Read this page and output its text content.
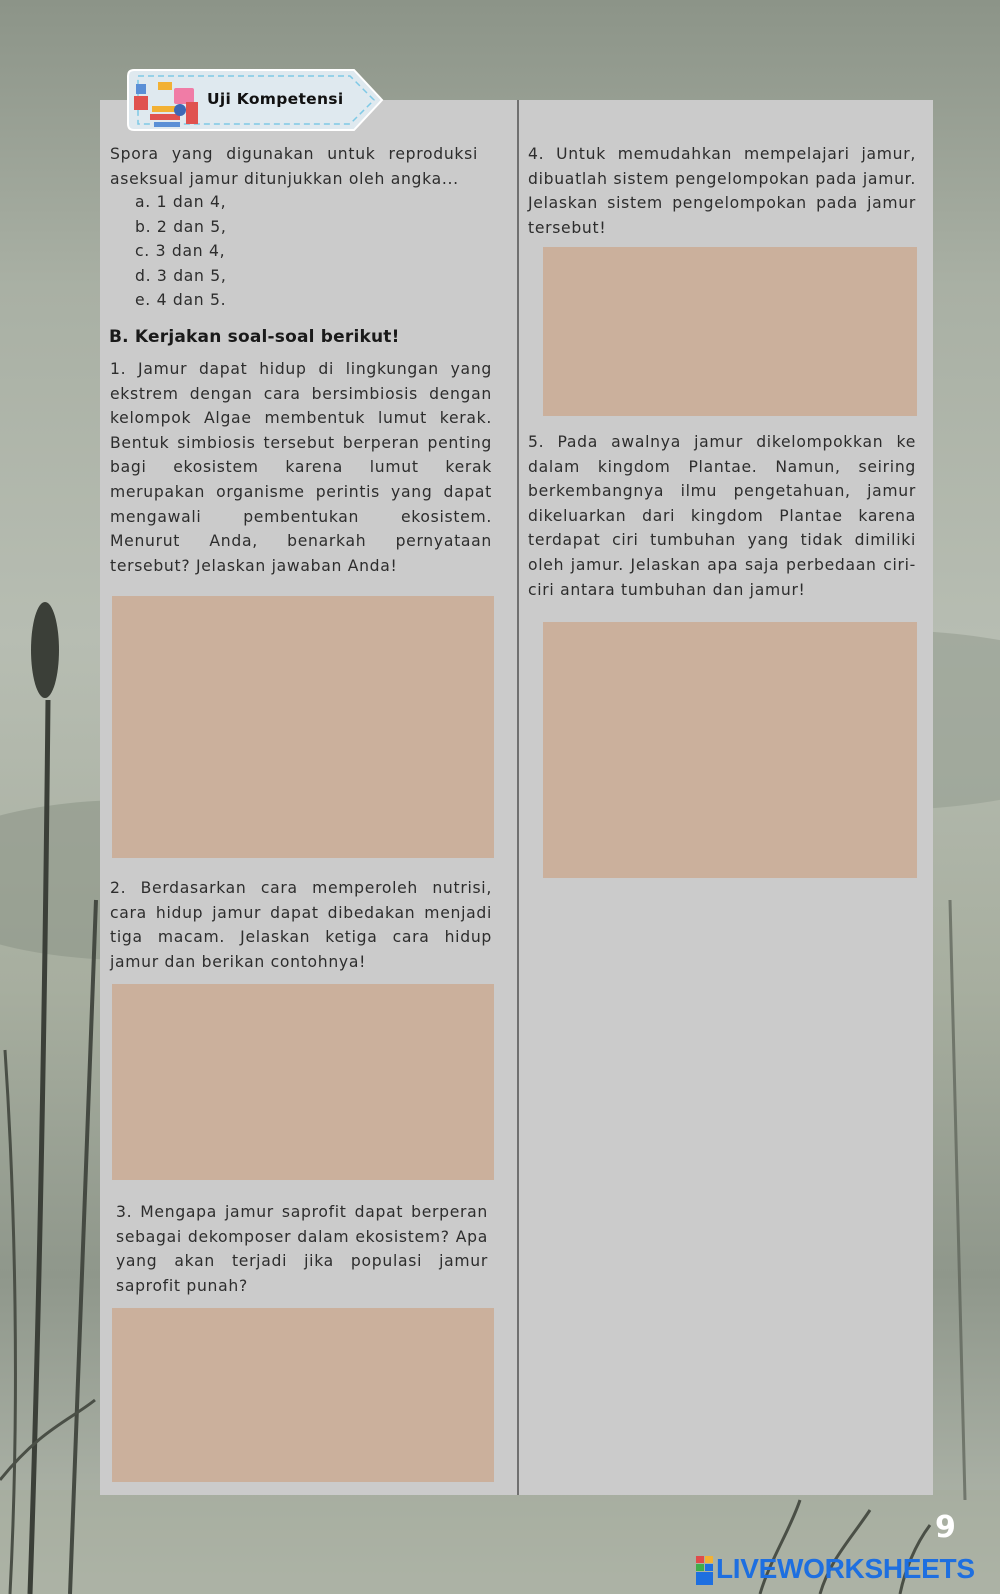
Uji Kompetensi
Spora yang digunakan untuk reproduksi aseksual jamur ditunjukkan oleh angka...
a. 1 dan 4,
b. 2 dan 5,
c. 3 dan 4,
d. 3 dan 5,
e. 4 dan 5.
B. Kerjakan soal-soal berikut!
1. Jamur dapat hidup di lingkungan yang ekstrem dengan cara bersimbiosis dengan kelompok Algae membentuk lumut kerak. Bentuk simbiosis tersebut berperan penting bagi ekosistem karena lumut kerak merupakan organisme perintis yang dapat mengawali pembentukan ekosistem. Menurut Anda, benarkah pernyataan tersebut? Jelaskan jawaban Anda!
2. Berdasarkan cara memperoleh nutrisi, cara hidup jamur dapat dibedakan menjadi tiga macam. Jelaskan ketiga cara hidup jamur dan berikan contohnya!
3. Mengapa jamur saprofit dapat berperan sebagai dekomposer dalam ekosistem? Apa yang akan terjadi jika populasi jamur saprofit punah?
4. Untuk memudahkan mempelajari jamur, dibuatlah sistem pengelompokan pada jamur. Jelaskan sistem pengelompokan pada jamur tersebut!
5. Pada awalnya jamur dikelompokkan ke dalam kingdom Plantae. Namun, seiring berkembangnya ilmu pengetahuan, jamur dikeluarkan dari kingdom Plantae karena terdapat ciri tumbuhan yang tidak dimiliki oleh jamur. Jelaskan apa saja perbedaan ciri-ciri antara tumbuhan dan jamur!
9
LIVEWORKSHEETS
